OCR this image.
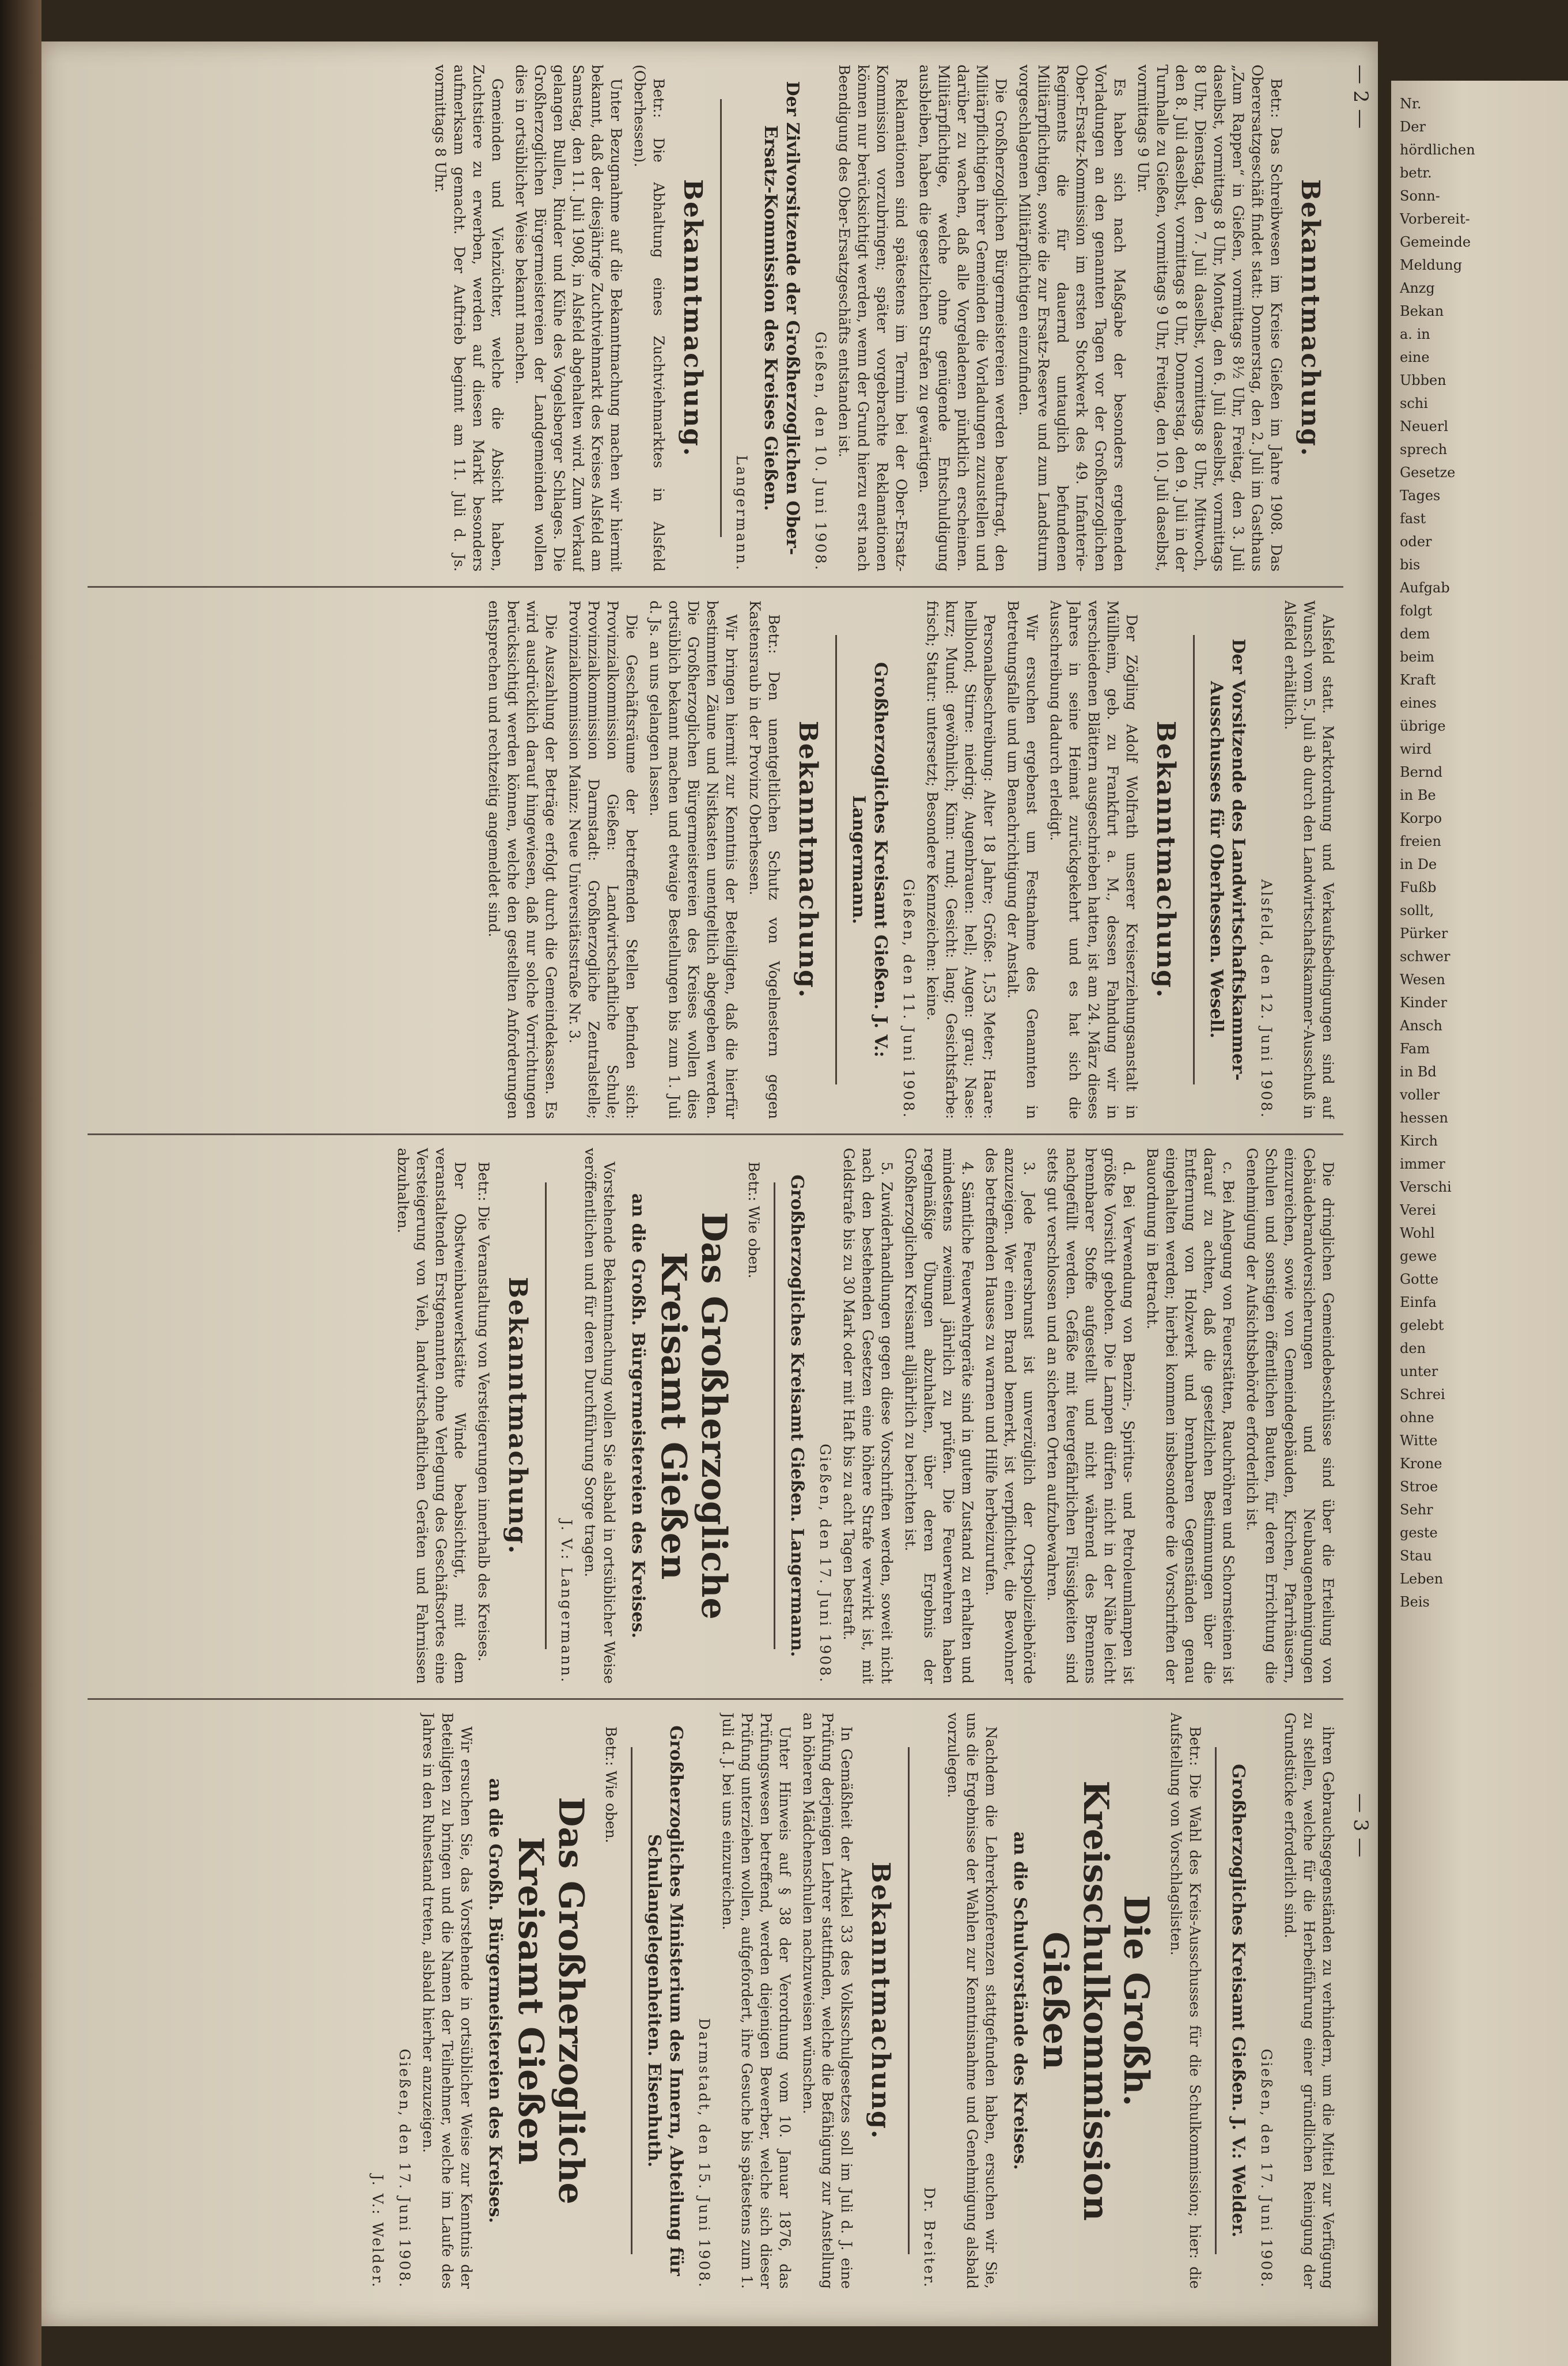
Bekanntmachung.

Betr.: Das Schreibwesen im Kreise Gießen im Jahre 1908. Das Oberersatzgeschäft findet statt: Donnerstag, den 2. Juli im Gasthaus „Zum Rappen“ in Gießen, vormittags 8½ Uhr, Freitag, den 3. Juli daselbst, vormittags 8 Uhr, Montag, den 6. Juli daselbst, vormittags 8 Uhr, Dienstag, den 7. Juli daselbst, vormittags 8 Uhr, Mittwoch, den 8. Juli daselbst, vormittags 8 Uhr, Donnerstag, den 9. Juli in der Turnhalle zu Gießen, vormittags 9 Uhr, Freitag, den 10. Juli daselbst, vormittags 9 Uhr.

Es haben sich nach Maßgabe der besonders ergehenden Vorladungen an den genannten Tagen vor der Großherzoglichen Ober-Ersatz-Kommission im ersten Stockwerk des 49. Infanterie-Regiments die für dauernd untauglich befundenen Militärpflichtigen, sowie die zur Ersatz-Reserve und zum Landsturm vorgeschlagenen Militärpflichtigen einzufinden.

Die Großherzoglichen Bürgermeistereien werden beauftragt, den Militärpflichtigen ihrer Gemeinden die Vorladungen zuzustellen und darüber zu wachen, daß alle Vorgeladenen pünktlich erscheinen. Militärpflichtige, welche ohne genügende Entschuldigung ausbleiben, haben die gesetzlichen Strafen zu gewärtigen.

Reklamationen sind spätestens im Termin bei der Ober-Ersatz-Kommission vorzubringen; später vorgebrachte Reklamationen können nur berücksichtigt werden, wenn der Grund hierzu erst nach Beendigung des Ober-Ersatzgeschäfts entstanden ist.

Gießen, den 10. Juni 1908.
Der Zivilvorsitzende der Großherzoglichen Ober-Ersatz-Kommission des Kreises Gießen.
Langermann.
Bekanntmachung.

Betr.: Die Abhaltung eines Zuchtviehmarktes in Alsfeld (Oberhessen).

Unter Bezugnahme auf die Bekanntmachung machen wir hiermit bekannt, daß der diesjährige Zuchtviehmarkt des Kreises Alsfeld am Samstag, den 11. Juli 1908, in Alsfeld abgehalten wird. Zum Verkauf gelangen Bullen, Rinder und Kühe des Vogelsberger Schlages. Die Großherzoglichen Bürgermeistereien der Landgemeinden wollen dies in ortsüblicher Weise bekannt machen.

Gemeinden und Viehzüchter, welche die Absicht haben, Zuchtstiere zu erwerben, werden auf diesen Markt besonders aufmerksam gemacht. Der Auftrieb beginnt am 11. Juli d. Js. vormittags 8 Uhr.

Alsfeld statt. Marktordnung und Verkaufsbedingungen sind auf Wunsch vom 5. Juli ab durch den Landwirtschaftskammer-Ausschuß in Alsfeld erhältlich.

Alsfeld, den 12. Juni 1908.
Der Vorsitzende des Landwirtschaftskammer-Ausschusses für Oberhessen. Wesell.
Bekanntmachung.

Der Zögling Adolf Wolfrath unserer Kreiserziehungsanstalt in Müllheim, geb. zu Frankfurt a. M., dessen Fahndung wir in verschiedenen Blättern ausgeschrieben hatten, ist am 24. März dieses Jahres in seine Heimat zurückgekehrt und es hat sich die Ausschreibung dadurch erledigt.

Wir ersuchen ergebenst um Festnahme des Genannten in Betretungsfalle und um Benachrichtigung der Anstalt.

Personalbeschreibung: Alter 18 Jahre; Größe: 1,53 Meter; Haare: hellblond; Stirne: niedrig; Augenbrauen: hell; Augen: grau; Nase: kurz; Mund: gewöhnlich; Kinn: rund; Gesicht: lang; Gesichtsfarbe: frisch; Statur: untersetzt; Besondere Kennzeichen: keine.

Gießen, den 11. Juni 1908.
Großherzogliches Kreisamt Gießen. J. V.: Langermann.
Bekanntmachung.

Betr.: Den unentgeltlichen Schutz von Vogelnestern gegen Kastensraub in der Provinz Oberhessen.

Wir bringen hiermit zur Kenntnis der Beteiligten, daß die hierfür bestimmten Zäune und Nistkasten unentgeltlich abgegeben werden. Die Großherzoglichen Bürgermeistereien des Kreises wollen dies ortsüblich bekannt machen und etwaige Bestellungen bis zum 1. Juli d. Js. an uns gelangen lassen.

Die Geschäftsräume der betreffenden Stellen befinden sich: Provinzialkommission Gießen: Landwirtschaftliche Schule; Provinzialkommission Darmstadt: Großherzogliche Zentralstelle; Provinzialkommission Mainz: Neue Universitätsstraße Nr. 3.

Die Auszahlung der Beträge erfolgt durch die Gemeindekassen. Es wird ausdrücklich darauf hingewiesen, daß nur solche Vorrichtungen berücksichtigt werden können, welche den gestellten Anforderungen entsprechen und rechtzeitig angemeldet sind.

Die dringlichen Gemeindebeschlüsse sind über die Erteilung von Gebäudebrandversicherungen und Neubaugenehmigungen einzureichen, sowie von Gemeindegebäuden, Kirchen, Pfarrhäusern, Schulen und sonstigen öffentlichen Bauten, für deren Errichtung die Genehmigung der Aufsichtsbehörde erforderlich ist.

c. Bei Anlegung von Feuerstätten, Rauchröhren und Schornsteinen ist darauf zu achten, daß die gesetzlichen Bestimmungen über die Entfernung von Holzwerk und brennbaren Gegenständen genau eingehalten werden; hierbei kommen insbesondere die Vorschriften der Bauordnung in Betracht.

d. Bei Verwendung von Benzin-, Spiritus- und Petroleumlampen ist größte Vorsicht geboten. Die Lampen dürfen nicht in der Nähe leicht brennbarer Stoffe aufgestellt und nicht während des Brennens nachgefüllt werden. Gefäße mit feuergefährlichen Flüssigkeiten sind stets gut verschlossen und an sicheren Orten aufzubewahren.

3. Jede Feuersbrunst ist unverzüglich der Ortspolizeibehörde anzuzeigen. Wer einen Brand bemerkt, ist verpflichtet, die Bewohner des betreffenden Hauses zu warnen und Hilfe herbeizurufen.

4. Sämtliche Feuerwehrgeräte sind in gutem Zustand zu erhalten und mindestens zweimal jährlich zu prüfen. Die Feuerwehren haben regelmäßige Übungen abzuhalten, über deren Ergebnis der Großherzoglichen Kreisamt alljährlich zu berichten ist.

5. Zuwiderhandlungen gegen diese Vorschriften werden, soweit nicht nach den bestehenden Gesetzen eine höhere Strafe verwirkt ist, mit Geldstrafe bis zu 30 Mark oder mit Haft bis zu acht Tagen bestraft.

Gießen, den 17. Juni 1908.
Großherzogliches Kreisamt Gießen. Langermann.

Betr.: Wie oben.

Das Großherzogliche Kreisamt Gießen
an die Großh. Bürgermeistereien des Kreises.

Vorstehende Bekanntmachung wollen Sie alsbald in ortsüblicher Weise veröffentlichen und für deren Durchführung Sorge tragen.

J. V.: Langermann.
Bekanntmachung.

Betr.: Die Veranstaltung von Versteigerungen innerhalb des Kreises.

Der Obstweinbauwerkstätte Winde beabsichtigt, mit dem veranstaltenden Erstgenannten ohne Verlegung des Geschäftsortes eine Versteigerung von Vieh, landwirtschaftlichen Geräten und Fahrnissen abzuhalten.

ihren Gebrauchsgegenständen zu verhindern, um die Mittel zur Verfügung zu stellen, welche für die Herbeiführung einer gründlichen Reinigung der Grundstücke erforderlich sind.

Gießen, den 17. Juni 1908.
Großherzogliches Kreisamt Gießen. J. V.: Welder.

Betr.: Die Wahl des Kreis-Ausschusses für die Schulkommission; hier: die Aufstellung von Vorschlagslisten.

Die Großh. Kreisschulkommission Gießen
an die Schulvorstände des Kreises.

Nachdem die Lehrerkonferenzen stattgefunden haben, ersuchen wir Sie, uns die Ergebnisse der Wahlen zur Kenntnisnahme und Genehmigung alsbald vorzulegen.

Dr. Breiter.
Bekanntmachung.

In Gemäßheit der Artikel 33 des Volksschulgesetzes soll im Juli d. J. eine Prüfung derjenigen Lehrer stattfinden, welche die Befähigung zur Anstellung an höheren Mädchenschulen nachzuweisen wünschen.

Unter Hinweis auf § 38 der Verordnung vom 10. Januar 1876, das Prüfungswesen betreffend, werden diejenigen Bewerber, welche sich dieser Prüfung unterziehen wollen, aufgefordert, ihre Gesuche bis spätestens zum 1. Juli d. J. bei uns einzureichen.

Darmstadt, den 15. Juni 1908.
Großherzogliches Ministerium des Innern, Abteilung für Schulangelegenheiten. Eisenhuth.

Betr.: Wie oben.

Das Großherzogliche Kreisamt Gießen
an die Großh. Bürgermeistereien des Kreises.

Wir ersuchen Sie, das Vorstehende in ortsüblicher Weise zur Kenntnis der Beteiligten zu bringen und die Namen der Teilnehmer, welche im Laufe des Jahres in den Ruhestand treten, alsbald hierher anzuzeigen.

Gießen, den 17. Juni 1908.
J. V.: Welder.
— 2 —
— 3 —
Nr.
Der
hördlichen
betr.
Sonn-
Vorbereit-
Gemeinde
Meldung
Anzg
Bekan
a. in
eine
Ubben
schi
Neuerl
sprech
Gesetze
Tages
fast
oder
bis
Aufgab
folgt
dem
beim
Kraft
eines
übrige
wird
Bernd
in Be
Korpo
freien
in De
Fußb
sollt,
Pürker
schwer
Wesen
Kinder
Ansch
Fam
in Bd
voller
hessen
Kirch
immer
Verschi
Verei
Wohl
gewe
Gotte
Einfa
gelebt
den
unter
Schrei
ohne
Witte
Krone
Stroe
Sehr
geste
Stau
Leben
Beis
